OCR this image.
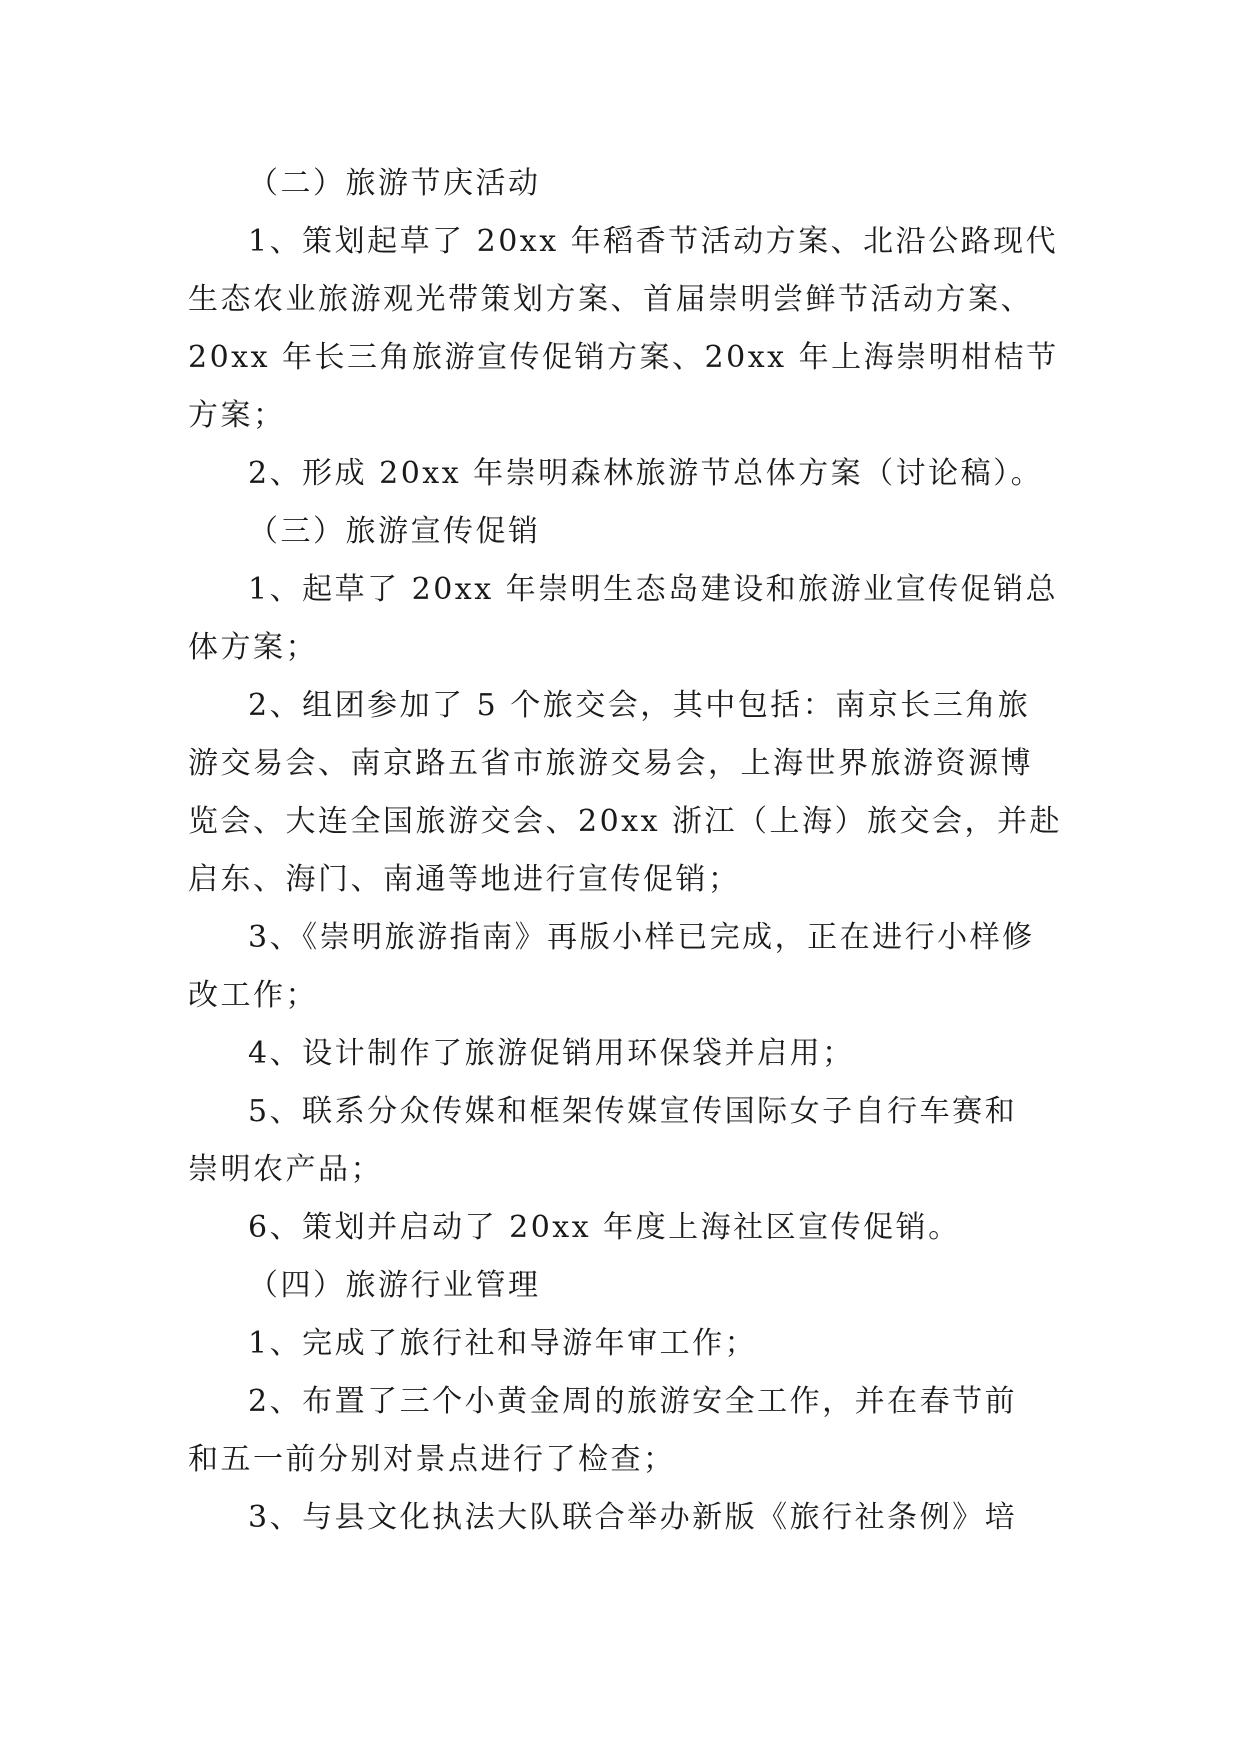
（二）旅游节庆活动
1、策划起草了 20xx 年稻香节活动方案、北沿公路现代
生态农业旅游观光带策划方案、首届崇明尝鲜节活动方案、
20xx 年长三角旅游宣传促销方案、20xx 年上海崇明柑桔节
方案；
2、形成 20xx 年崇明森林旅游节总体方案（讨论稿）。
（三）旅游宣传促销
1、起草了 20xx 年崇明生态岛建设和旅游业宣传促销总
体方案；
2、组团参加了 5 个旅交会，其中包括：南京长三角旅
游交易会、南京路五省市旅游交易会，上海世界旅游资源博
览会、大连全国旅游交会、20xx 浙江（上海）旅交会，并赴
启东、海门、南通等地进行宣传促销；
3、《崇明旅游指南》再版小样已完成，正在进行小样修
改工作；
4、设计制作了旅游促销用环保袋并启用；
5、联系分众传媒和框架传媒宣传国际女子自行车赛和
崇明农产品；
6、策划并启动了 20xx 年度上海社区宣传促销。
（四）旅游行业管理
1、完成了旅行社和导游年审工作；
2、布置了三个小黄金周的旅游安全工作，并在春节前
和五一前分别对景点进行了检查；
3、与县文化执法大队联合举办新版《旅行社条例》培
